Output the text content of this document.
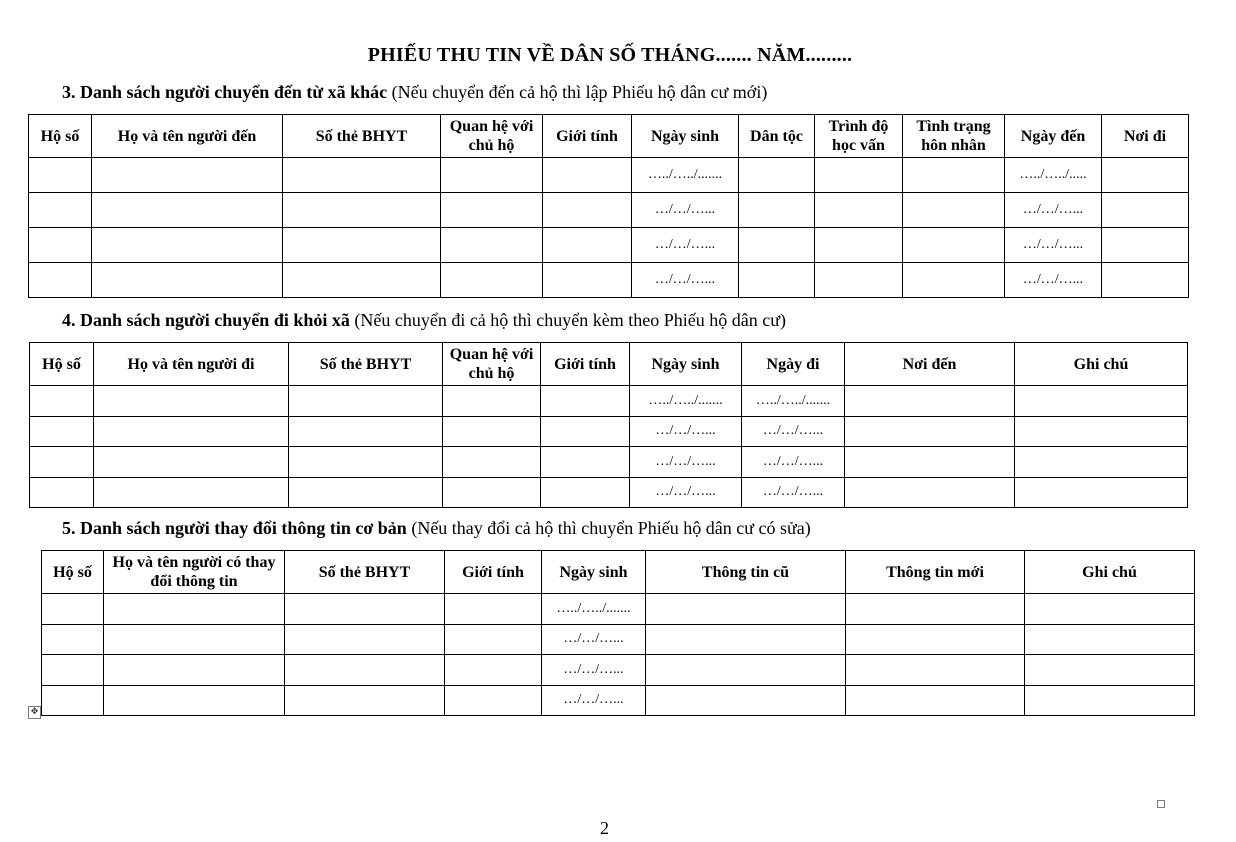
PHIẾU THU TIN VỀ DÂN SỐ THÁNG....... NĂM.........
3. Danh sách người chuyển đến từ xã khác (Nếu chuyển đến cả hộ thì lập Phiếu hộ dân cư mới)
Hộ số	Họ và tên người đến	Số thẻ BHYT	Quan hệ với chủ hộ	Giới tính	Ngày sinh	Dân tộc	Trình độ học vấn	Tình trạng hôn nhân	Ngày đến	Nơi đi
					…../…../.......				…../…../.....	
					…/…/…...				…/…/…...	
					…/…/…...				…/…/…...	
					…/…/…...				…/…/…...	
4. Danh sách người chuyển đi khỏi xã (Nếu chuyển đi cả hộ thì chuyển kèm theo Phiếu hộ dân cư)
Hộ số	Họ và tên người đi	Số thẻ BHYT	Quan hệ với chủ hộ	Giới tính	Ngày sinh	Ngày đi	Nơi đến	Ghi chú
					…../…../.......	…../…../.......		
					…/…/…...	…/…/…...		
					…/…/…...	…/…/…...		
					…/…/…...	…/…/…...		
5. Danh sách người thay đổi thông tin cơ bản (Nếu thay đổi cả hộ thì chuyển Phiếu hộ dân cư có sửa)
Hộ số	Họ và tên người có thay đổi thông tin	Số thẻ BHYT	Giới tính	Ngày sinh	Thông tin cũ	Thông tin mới	Ghi chú
				…../…../.......			
				…/…/…...			
				…/…/…...			
				…/…/…...			
✥
2
